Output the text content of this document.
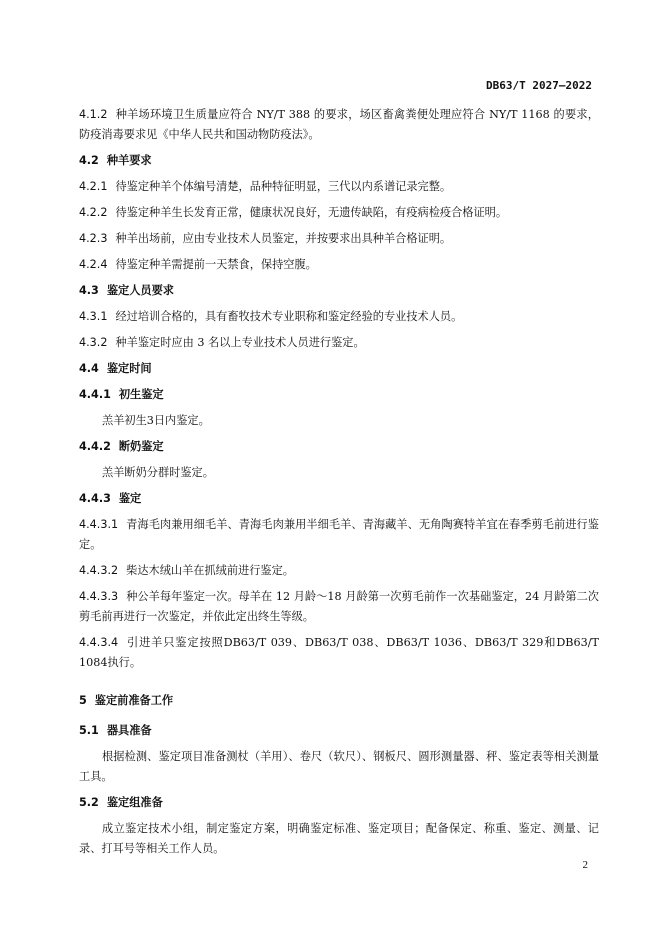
DB63/T 2027—2022

4.1.2 种羊场环境卫生质量应符合 NY/T 388 的要求，场区畜禽粪便处理应符合 NY/T 1168 的要求，防疫消毒要求见《中华人民共和国动物防疫法》。

4.2 种羊要求

4.2.1 待鉴定种羊个体编号清楚，品种特征明显，三代以内系谱记录完整。

4.2.2 待鉴定种羊生长发育正常，健康状况良好，无遗传缺陷，有疫病检疫合格证明。

4.2.3 种羊出场前，应由专业技术人员鉴定，并按要求出具种羊合格证明。

4.2.4 待鉴定种羊需提前一天禁食，保持空腹。

4.3 鉴定人员要求

4.3.1 经过培训合格的，具有畜牧技术专业职称和鉴定经验的专业技术人员。

4.3.2 种羊鉴定时应由 3 名以上专业技术人员进行鉴定。

4.4 鉴定时间

4.4.1 初生鉴定

羔羊初生3日内鉴定。

4.4.2 断奶鉴定

羔羊断奶分群时鉴定。

4.4.3 鉴定

4.4.3.1 青海毛肉兼用细毛羊、青海毛肉兼用半细毛羊、青海藏羊、无角陶赛特羊宜在春季剪毛前进行鉴定。

4.4.3.2 柴达木绒山羊在抓绒前进行鉴定。

4.4.3.3 种公羊每年鉴定一次。母羊在 12 月龄～18 月龄第一次剪毛前作一次基础鉴定，24 月龄第二次剪毛前再进行一次鉴定，并依此定出终生等级。

4.4.3.4 引进羊只鉴定按照DB63/T 039、DB63/T 038、DB63/T 1036、DB63/T 329和DB63/T 1084执行。

5 鉴定前准备工作

5.1 器具准备

根据检测、鉴定项目准备测杖（羊用）、卷尺（软尺）、钢板尺、圆形测量器、秤、鉴定表等相关测量工具。

5.2 鉴定组准备

成立鉴定技术小组，制定鉴定方案，明确鉴定标准、鉴定项目；配备保定、称重、鉴定、测量、记录、打耳号等相关工作人员。

2
